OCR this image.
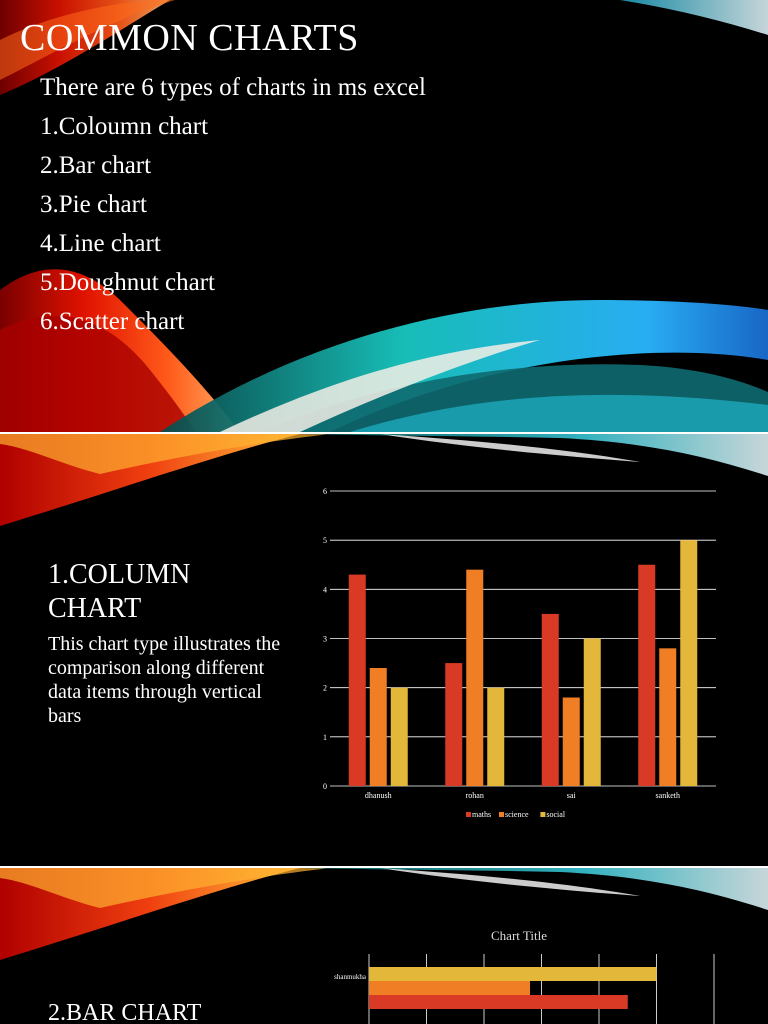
COMMON CHARTS
There are 6 types of charts in ms excel
1.Coloumn chart
2.Bar chart
3.Pie chart
4.Line chart
5.Doughnut chart
6.Scatter chart
1.COLUMN CHART

This chart type illustrates the comparison along different data items through vertical bars

0
1
2
3
4
5
6
dhanush	rohan	sai	sanketh
maths science social
2.BAR CHART
Chart Title
shanmukha
